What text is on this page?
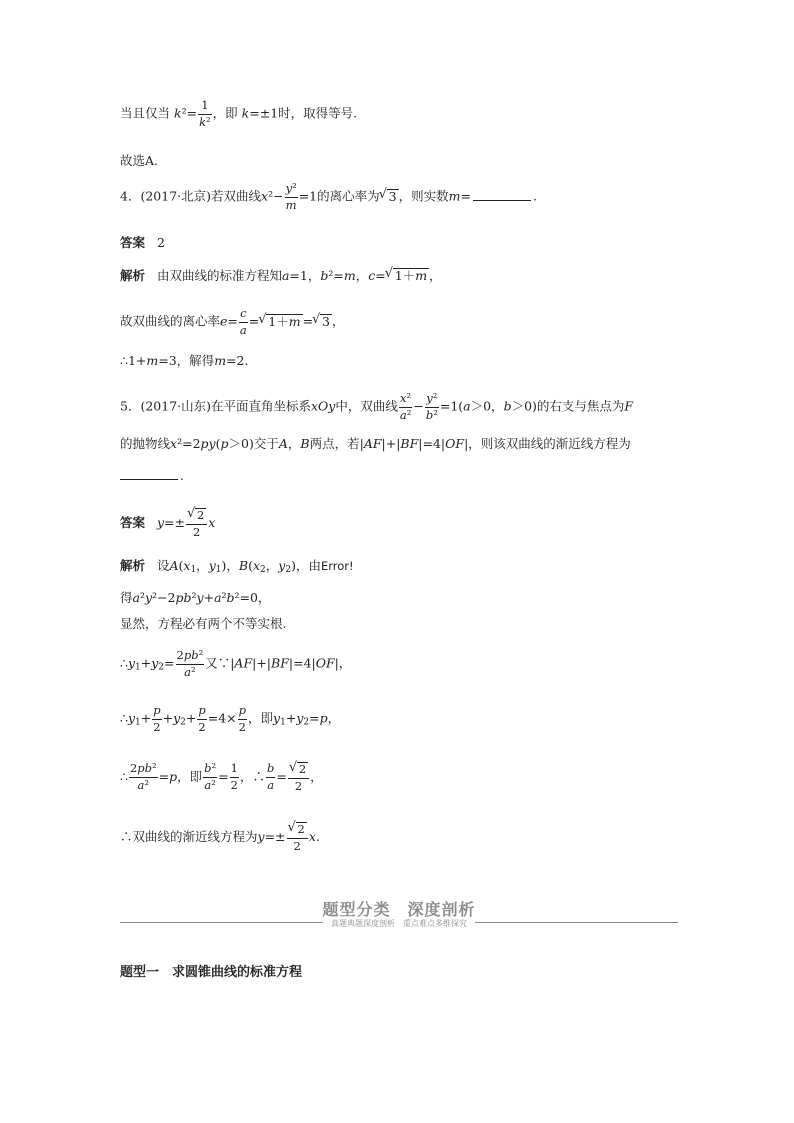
当且仅当 $k^2= \frac{1}{\text{k²}}$ ，即 k=±1时，取得等号.
故选A.
4．(2017·北京)若双曲线$x^2- \frac{\text{y²}}{m} =1$的离心率为 √ 3 ，则实数m=	.
答案 2
解析 由双曲线的标准方程知a=1，b²=m，c= √ 1＋m ，
故双曲线的离心率$e= \frac{c}{a}$ = √ 1＋m = √ 3 ，
∴1+m=3，解得m=2.
5．(2017·山东)在平面直角坐标系xOy中，双曲线 $\frac{\text{x²}}{\text{a²}} - \frac{\text{y²}}{\text{b²}} =1(a>0$，b＞0)的右支与焦点为F
的抛物线x²=2py(p＞0)交于A，B两点，若|AF|+|BF|=4|OF|，则该双曲线的渐近线方程为
.
答案 y=± √ $\frac{2}{2}$ x
解析 设$A(x_1$，$y_1$)，$B(x_2$，$y_2$)，由Error!
得a²y²−2pb²y+a²b²=0，
显然，方程必有两个不等实根.
$\therefore y_1+y_2= \frac{\text{2pb²}}{\text{a²}}$ 又∵|AF|+|BF|=4|OF|，
$\therefore y_1+ \frac{p}{2} +y_2+ \frac{p}{2} =4\times \frac{p}{2}$ ，即$y_1+y_2=p$，
∴ $\frac{\text{2pb²}}{\text{a²}} =p$，即 $\frac{\text{b²}}{\text{a²}} = \frac{1}{2}$ ，∴ $\frac{b}{a}$ = √ $\frac{2}{2}$ ，
∴双曲线的渐近线方程为y=± √ $\frac{2}{2} x$.
题型分类　深度剖析
真题典题深度剖析　重点难点多维探究
题型一　求圆锥曲线的标准方程
